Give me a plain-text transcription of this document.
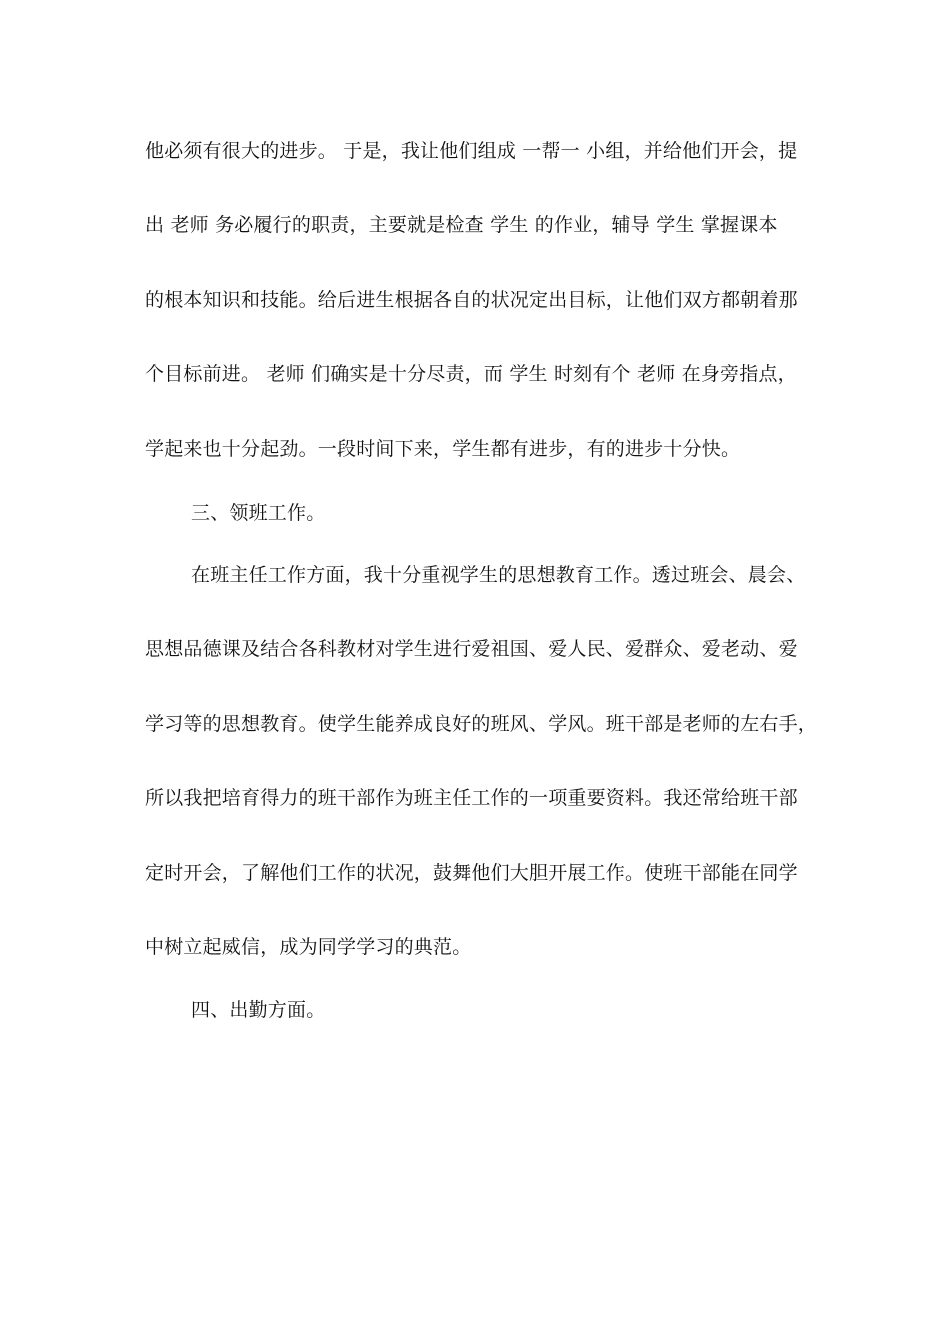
他必须有很大的进步。 于是，我让他们组成 一帮一 小组，并给他们开会，提
出 老师 务必履行的职责，主要就是检查 学生 的作业，辅导 学生 掌握课本
的根本知识和技能。给后进生根据各自的状况定出目标，让他们双方都朝着那
个目标前进。 老师 们确实是十分尽责，而 学生 时刻有个 老师 在身旁指点，
学起来也十分起劲。一段时间下来，学生都有进步，有的进步十分快。
三、领班工作。
在班主任工作方面，我十分重视学生的思想教育工作。透过班会、晨会、
思想品德课及结合各科教材对学生进行爱祖国、爱人民、爱群众、爱老动、爱
学习等的思想教育。使学生能养成良好的班风、学风。班干部是老师的左右手，
所以我把培育得力的班干部作为班主任工作的一项重要资料。我还常给班干部
定时开会，了解他们工作的状况，鼓舞他们大胆开展工作。使班干部能在同学
中树立起威信，成为同学学习的典范。
四、出勤方面。
